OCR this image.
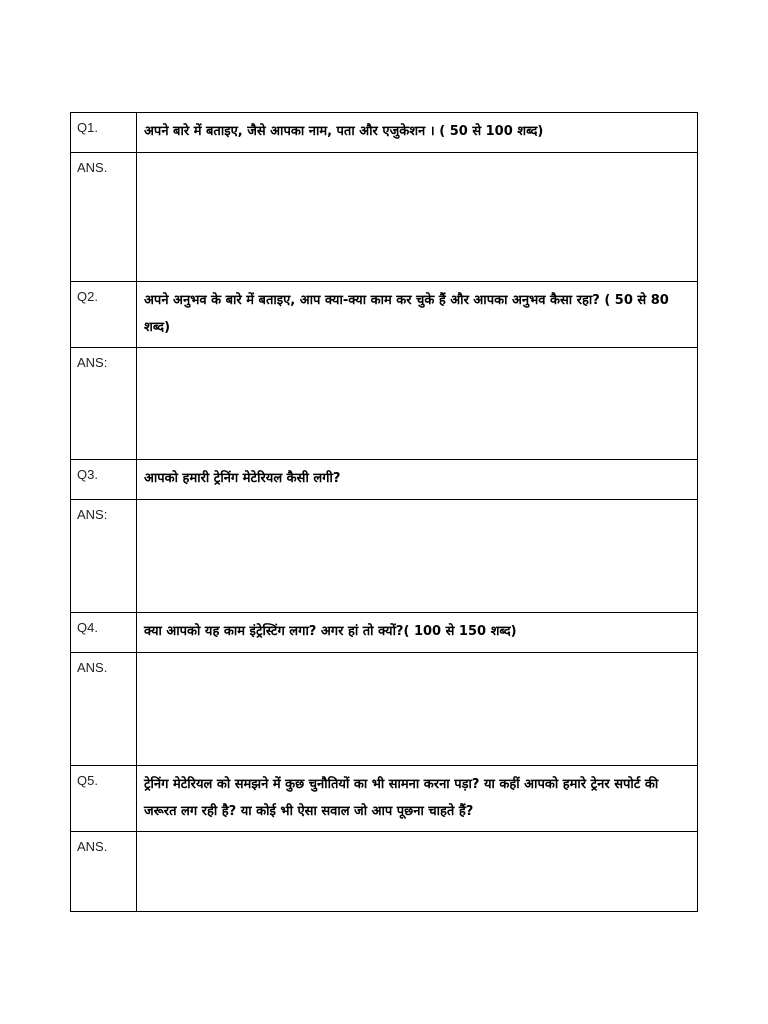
Q1.	अपने बारे में बताइए, जैसे आपका नाम, पता और एजुकेशन । ( 50 से 100 शब्द)

ANS.	

Q2.	अपने अनुभव के बारे में बताइए, आप क्या-क्या काम कर चुके हैं और आपका अनुभव कैसा रहा? ( 50 से 80 शब्द)

ANS:	

Q3.	आपको हमारी ट्रेनिंग मेटेरियल कैसी लगी?

ANS:	

Q4.	क्या आपको यह काम इंट्रेस्टिंग लगा? अगर हां तो क्यों?( 100 से 150 शब्द)

ANS.	

Q5.	ट्रेनिंग मेटेरियल को समझने में कुछ चुनौतियों का भी सामना करना पड़ा? या कहीं आपको हमारे ट्रेनर सपोर्ट की जरूरत लग रही है? या कोई भी ऐसा सवाल जो आप पूछना चाहते हैं?

ANS.	
